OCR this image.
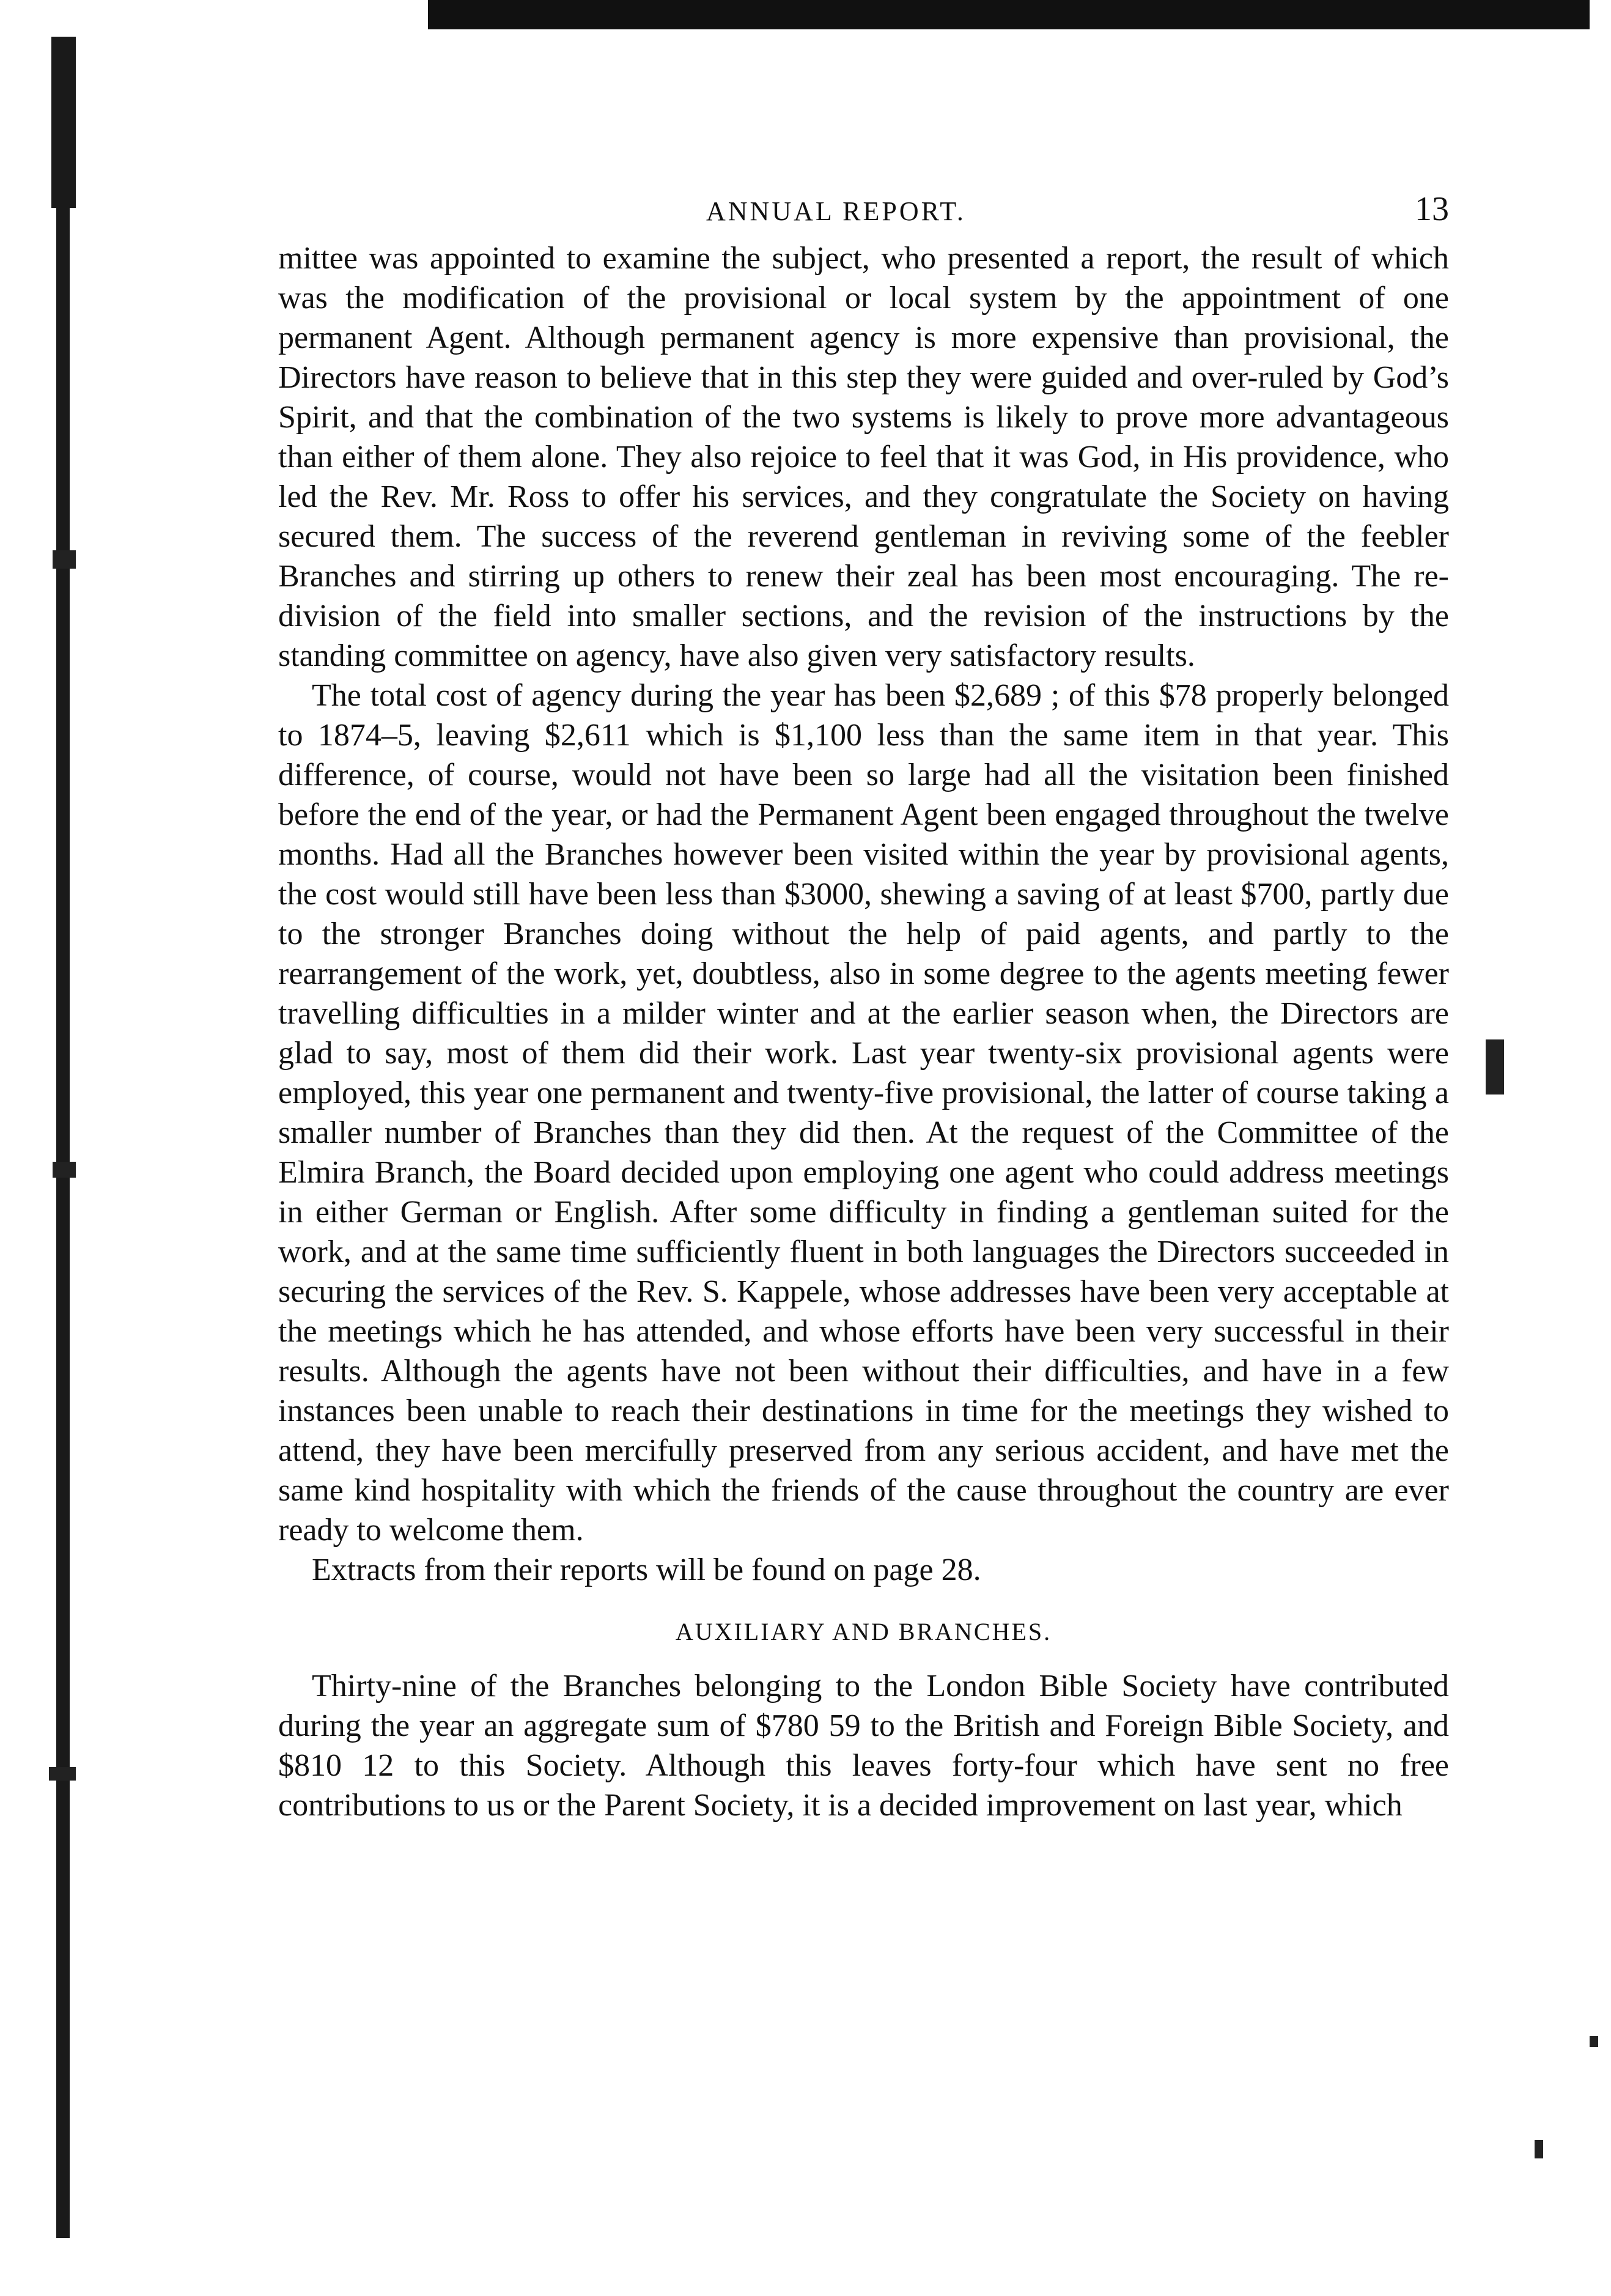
ANNUAL REPORT.	13

mittee was appointed to examine the subject, who presented a report, the result of which was the modification of the provisional or local system by the appointment of one permanent Agent. Although permanent agency is more expensive than provisional, the Directors have reason to believe that in this step they were guided and over-ruled by God’s Spirit, and that the combination of the two systems is likely to prove more advantageous than either of them alone. They also rejoice to feel that it was God, in His providence, who led the Rev. Mr. Ross to offer his services, and they congratulate the Society on having secured them. The success of the reverend gentleman in reviving some of the feebler Branches and stirring up others to renew their zeal has been most encouraging. The re-division of the field into smaller sections, and the revision of the instructions by the standing committee on agency, have also given very satisfactory results.

The total cost of agency during the year has been $2,689 ; of this $78 properly belonged to 1874–5, leaving $2,611 which is $1,100 less than the same item in that year. This difference, of course, would not have been so large had all the visitation been finished before the end of the year, or had the Permanent Agent been engaged throughout the twelve months. Had all the Branches however been visited within the year by provisional agents, the cost would still have been less than $3000, shewing a saving of at least $700, partly due to the stronger Branches doing without the help of paid agents, and partly to the rearrangement of the work, yet, doubtless, also in some degree to the agents meeting fewer travelling difficulties in a milder winter and at the earlier season when, the Directors are glad to say, most of them did their work. Last year twenty-six provisional agents were employed, this year one permanent and twenty-five provisional, the latter of course taking a smaller number of Branches than they did then. At the request of the Committee of the Elmira Branch, the Board decided upon employing one agent who could address meetings in either German or English. After some difficulty in finding a gentleman suited for the work, and at the same time sufficiently fluent in both languages the Directors succeeded in securing the services of the Rev. S. Kappele, whose addresses have been very acceptable at the meetings which he has attended, and whose efforts have been very successful in their results. Although the agents have not been without their difficulties, and have in a few instances been unable to reach their destinations in time for the meetings they wished to attend, they have been mercifully preserved from any serious accident, and have met the same kind hospitality with which the friends of the cause throughout the country are ever ready to welcome them.

Extracts from their reports will be found on page 28.

AUXILIARY AND BRANCHES.

Thirty-nine of the Branches belonging to the London Bible Society have contributed during the year an aggregate sum of $780 59 to the British and Foreign Bible Society, and $810 12 to this Society. Although this leaves forty-four which have sent no free contributions to us or the Parent Society, it is a decided improvement on last year, which
